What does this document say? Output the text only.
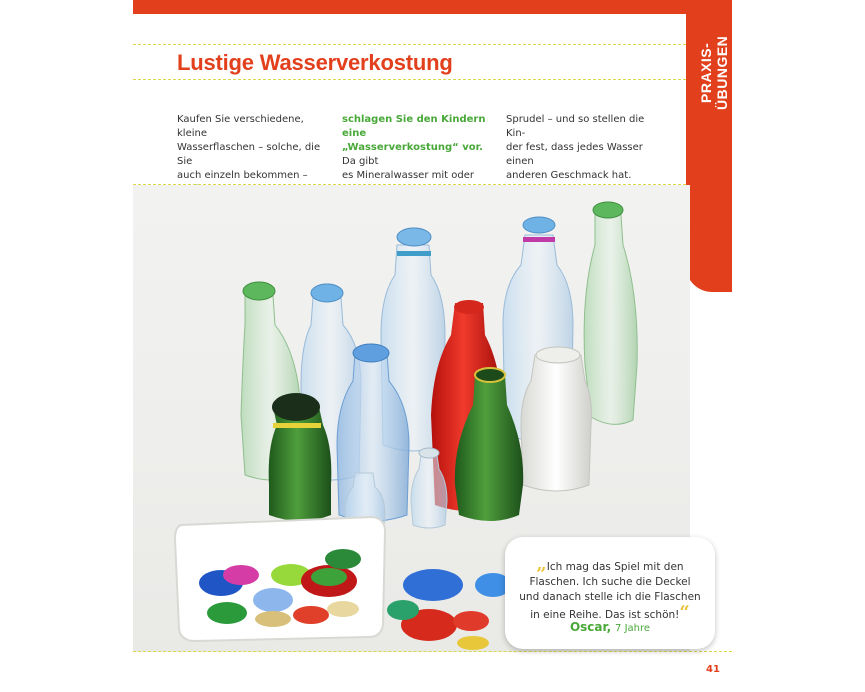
PRAXIS-ÜBUNGEN
Lustige Wasserverkostung
Kaufen Sie verschiedene, kleine
Wasserflaschen – solche, die Sie
auch einzeln bekommen –
schlagen Sie den Kindern eine
„Wasserverkostung“ vor. Da gibt
es Mineralwasser mit oder
Sprudel – und so stellen die Kin-
der fest, dass jedes Wasser einen
anderen Geschmack hat.
„Ich mag das Spiel mit den
Flaschen. Ich suche die Deckel
und danach stelle ich die Flaschen
in eine Reihe. Das ist schön!“
Oscar, 7 Jahre
41
